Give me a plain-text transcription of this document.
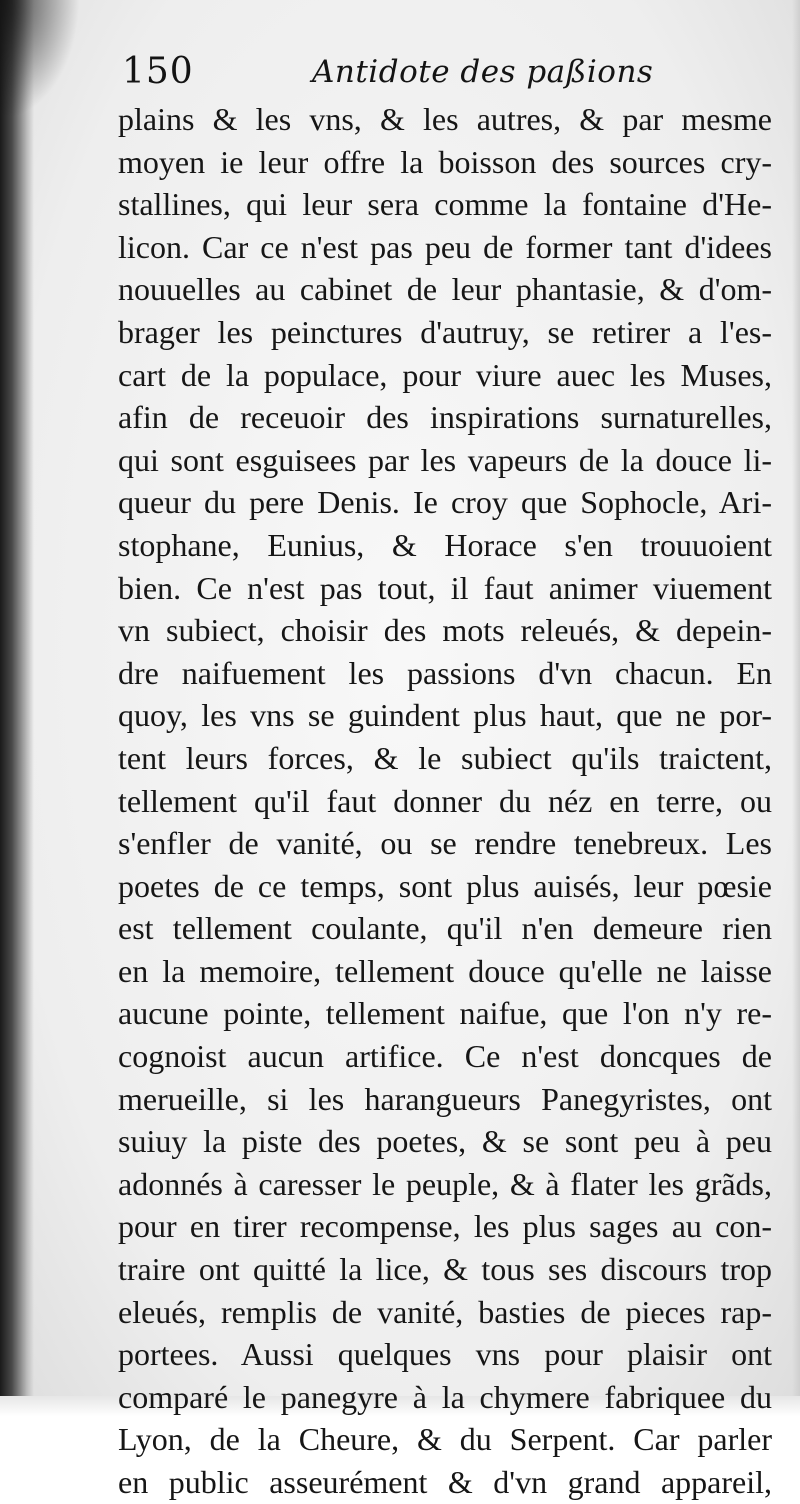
150	Antidote des paßions
plains & les vns, & les autres, & par mesme
moyen ie leur offre la boisson des sources cry-
stallines, qui leur sera comme la fontaine d'He-
licon. Car ce n'est pas peu de former tant d'idees
nouuelles au cabinet de leur phantasie, & d'om-
brager les peinctures d'autruy, se retirer a l'es-
cart de la populace, pour viure auec les Muses,
afin de receuoir des inspirations surnaturelles,
qui sont esguisees par les vapeurs de la douce li-
queur du pere Denis. Ie croy que Sophocle, Ari-
stophane, Eunius, & Horace s'en trouuoient
bien. Ce n'est pas tout, il faut animer viuement
vn subiect, choisir des mots releués, & depein-
dre naifuement les passions d'vn chacun. En
quoy, les vns se guindent plus haut, que ne por-
tent leurs forces, & le subiect qu'ils traictent,
tellement qu'il faut donner du néz en terre, ou
s'enfler de vanité, ou se rendre tenebreux. Les
poetes de ce temps, sont plus auisés, leur pœsie
est tellement coulante, qu'il n'en demeure rien
en la memoire, tellement douce qu'elle ne laisse
aucune pointe, tellement naifue, que l'on n'y re-
cognoist aucun artifice. Ce n'est doncques de
merueille, si les harangueurs Panegyristes, ont
suiuy la piste des poetes, & se sont peu à peu
adonnés à caresser le peuple, & à flater les grãds,
pour en tirer recompense, les plus sages au con-
traire ont quitté la lice, & tous ses discours trop
eleués, remplis de vanité, basties de pieces rap-
portees. Aussi quelques vns pour plaisir ont
comparé le panegyre à la chymere fabriquee du
Lyon, de la Cheure, & du Serpent. Car parler
en public asseurément & d'vn grand appareil,
